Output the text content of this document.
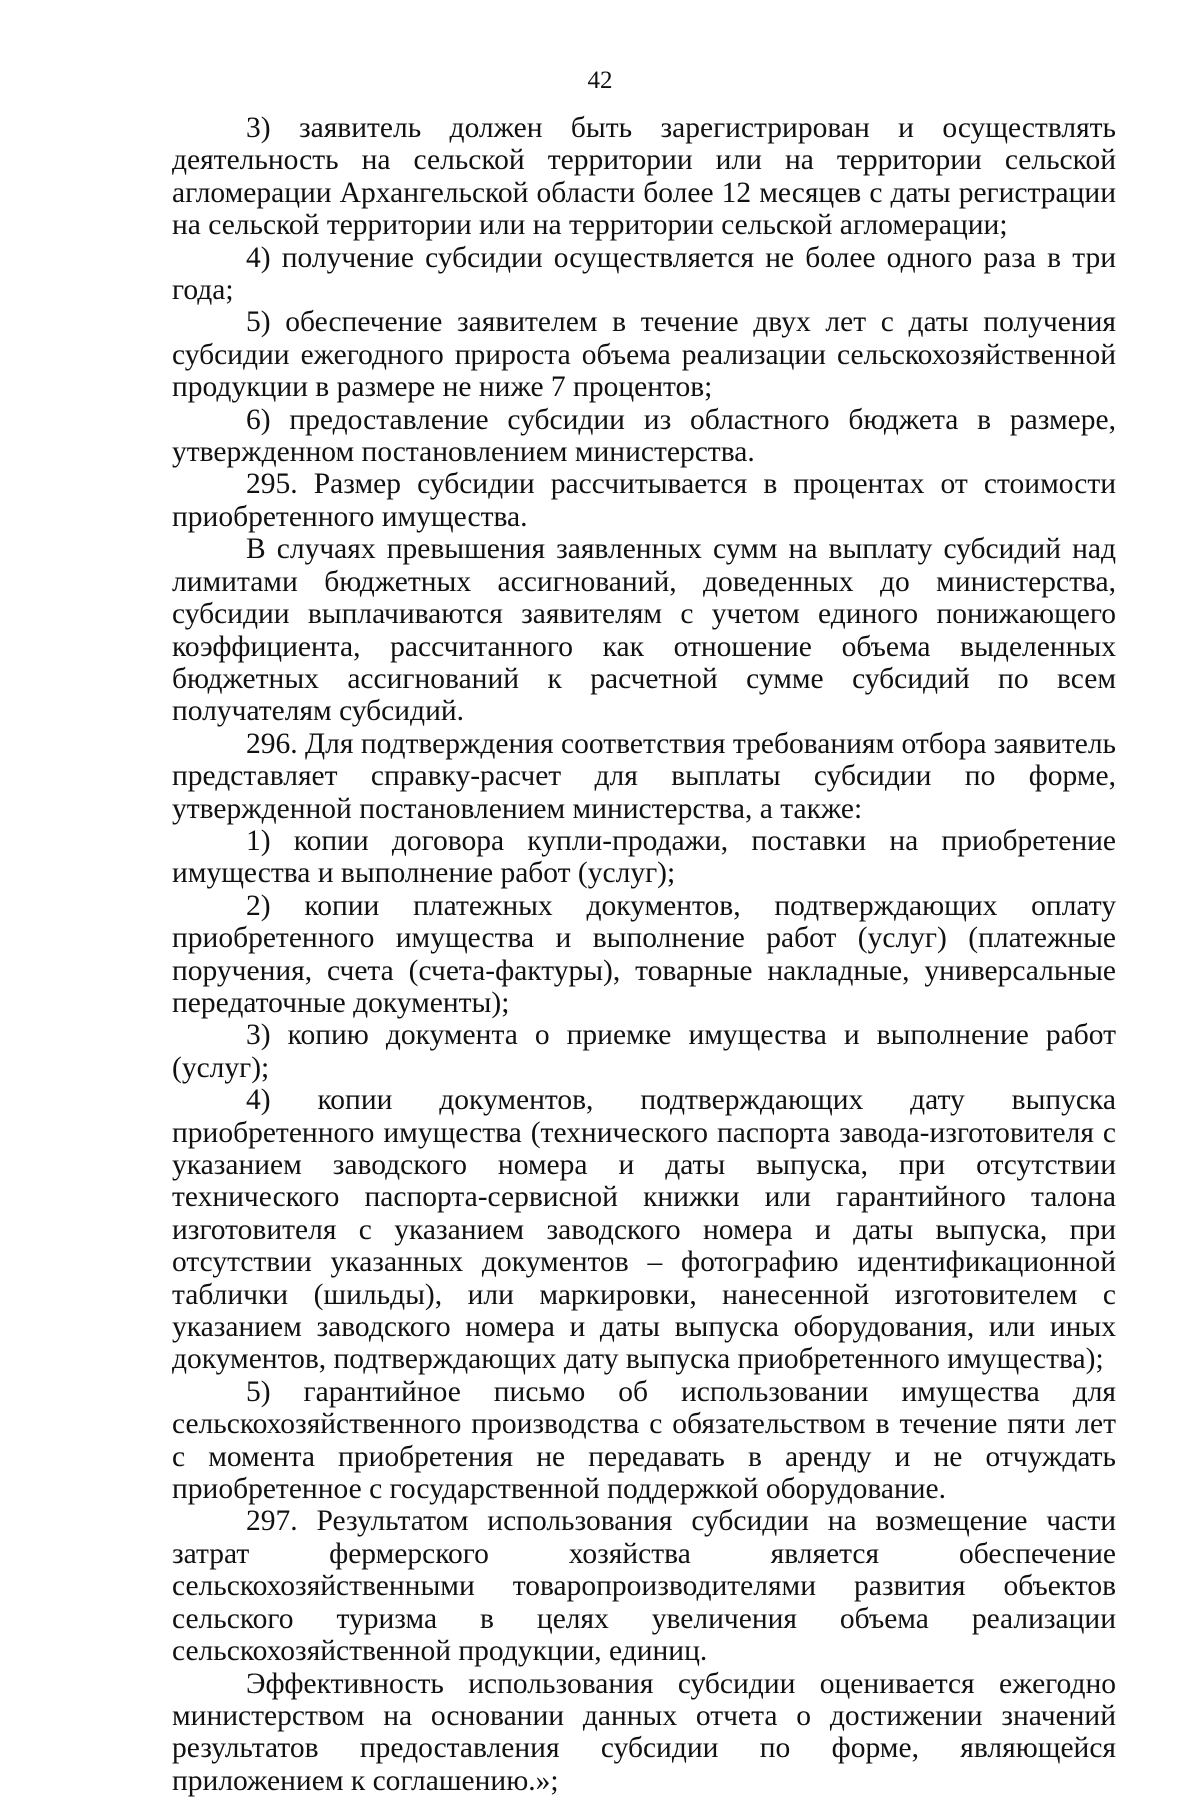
42

3) заявитель должен быть зарегистрирован и осуществлять деятельность на сельской территории или на территории сельской агломерации Архангельской области более 12 месяцев с даты регистрации на сельской территории или на территории сельской агломерации;

4) получение субсидии осуществляется не более одного раза в три года;

5) обеспечение заявителем в течение двух лет с даты получения субсидии ежегодного прироста объема реализации сельскохозяйственной продукции в размере не ниже 7 процентов;

6) предоставление субсидии из областного бюджета в размере, утвержденном постановлением министерства.

295. Размер субсидии рассчитывается в процентах от стоимости приобретенного имущества.

В случаях превышения заявленных сумм на выплату субсидий над лимитами бюджетных ассигнований, доведенных до министерства, субсидии выплачиваются заявителям с учетом единого понижающего коэффициента, рассчитанного как отношение объема выделенных бюджетных ассигнований к расчетной сумме субсидий по всем получателям субсидий.

296. Для подтверждения соответствия требованиям отбора заявитель представляет справку-расчет для выплаты субсидии по форме, утвержденной постановлением министерства, а также:

1) копии договора купли-продажи, поставки на приобретение имущества и выполнение работ (услуг);

2) копии платежных документов, подтверждающих оплату приобретенного имущества и выполнение работ (услуг) (платежные поручения, счета (счета-фактуры), товарные накладные, универсальные передаточные документы);

3) копию документа о приемке имущества и выполнение работ (услуг);

4) копии документов, подтверждающих дату выпуска приобретенного имущества (технического паспорта завода-изготовителя с указанием заводского номера и даты выпуска, при отсутствии технического паспорта-сервисной книжки или гарантийного талона изготовителя с указанием заводского номера и даты выпуска, при отсутствии указанных документов – фотографию идентификационной таблички (шильды), или маркировки, нанесенной изготовителем с указанием заводского номера и даты выпуска оборудования, или иных документов, подтверждающих дату выпуска приобретенного имущества);

5) гарантийное письмо об использовании имущества для сельскохозяйственного производства с обязательством в течение пяти лет с момента приобретения не передавать в аренду и не отчуждать приобретенное с государственной поддержкой оборудование.

297. Результатом использования субсидии на возмещение части затрат фермерского хозяйства является обеспечение сельскохозяйственными товаропроизводителями развития объектов сельского туризма в целях увеличения объема реализации сельскохозяйственной продукции, единиц.

Эффективность использования субсидии оценивается ежегодно министерством на основании данных отчета о достижении значений результатов предоставления субсидии по форме, являющейся приложением к соглашению.»;
